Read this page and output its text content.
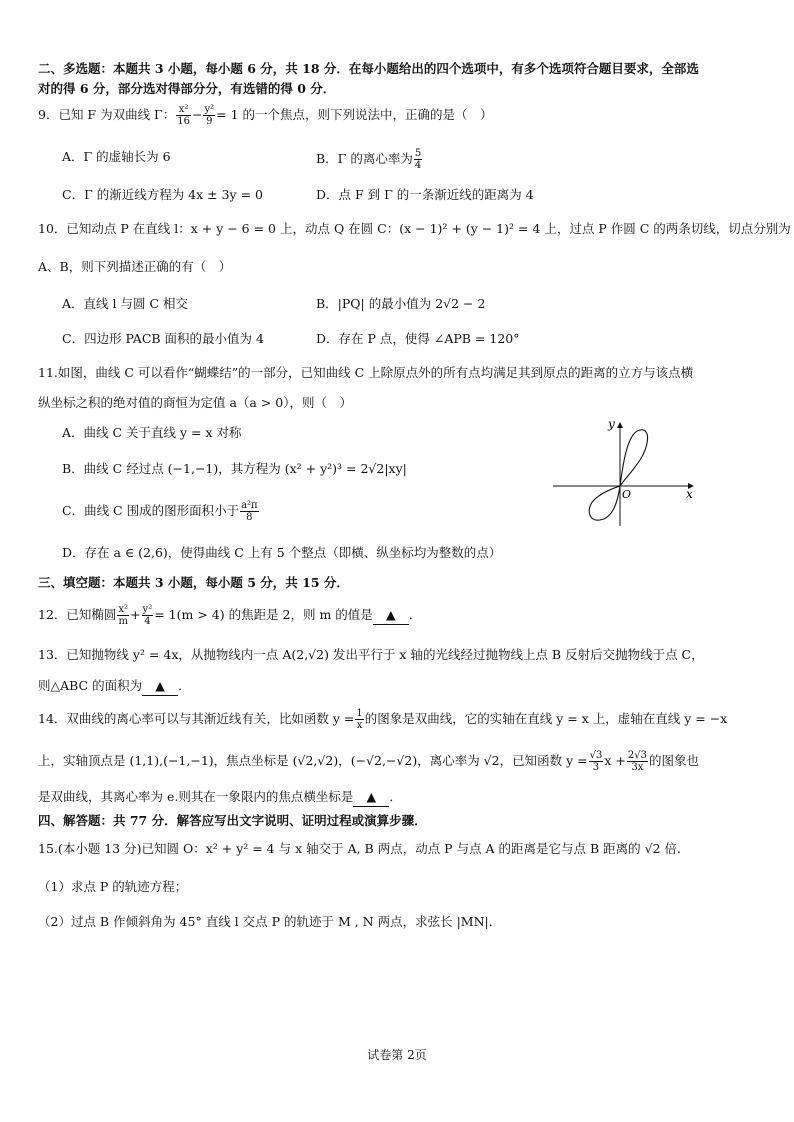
二、多选题：本题共 3 小题，每小题 6 分，共 18 分．在每小题给出的四个选项中，有多个选项符合题目要求，全部选
对的得 6 分，部分选对得部分分，有选错的得 0 分．
9．已知 F 为双曲线 Γ： $\frac{\text{x²}}{16} - \frac{\text{y²}}{9} = 1$ 的一个焦点，则下列说法中，正确的是（　）
A．Γ 的虚轴长为 6	B．Γ 的离心率为 $\frac{5}{4}$
C．Γ 的渐近线方程为 4x ± 3y = 0	D．点 F 到 Γ 的一条渐近线的距离为 4
10．已知动点 P 在直线 l：x + y − 6 = 0 上，动点 Q 在圆 C：(x − 1)² + (y − 1)² = 4 上，过点 P 作圆 C 的两条切线，切点分别为
A、B，则下列描述正确的有（　）
A．直线 l 与圆 C 相交	B．|PQ| 的最小值为 2√2 − 2
C．四边形 PACB 面积的最小值为 4	D．存在 P 点，使得 ∠APB = 120°
11.如图，曲线 C 可以看作“蝴蝶结”的一部分，已知曲线 C 上除原点外的所有点均满足其到原点的距离的立方与该点横
纵坐标之积的绝对值的商恒为定值 a（a > 0），则（　）
A．曲线 C 关于直线 y = x 对称
B．曲线 C 经过点 (−1,−1)，其方程为 (x² + y²)³ = 2√2|xy|
C．曲线 C 围成的图形面积小于 $\frac{\text{a²π}}{8}$
D．存在 a ∈ (2,6)，使得曲线 C 上有 5 个整点（即横、纵坐标均为整数的点）
y
x
O
三、填空题：本题共 3 小题，每小题 5 分，共 15 分．
12．已知椭圆 $\frac{\text{x²}}{m} + \frac{\text{y²}}{4} = 1(m > 4)$ 的焦距是 2，则 m 的值是 ▲ ．
13．已知抛物线 y² = 4x，从抛物线内一点 A(2,√2) 发出平行于 x 轴的光线经过抛物线上点 B 反射后交抛物线于点 C，
则△ABC 的面积为 ▲ ．
14．双曲线的离心率可以与其渐近线有关，比如函数 $y = \frac{1}{x}$ 的图象是双曲线，它的实轴在直线 y = x 上，虚轴在直线 y = −x
上，实轴顶点是 (1,1),(−1,−1)，焦点坐标是 (√2,√2)，(−√2,−√2)，离心率为 √2，已知函数 $y = \frac{√3}{3}$ $x + \frac{2√3}{3x}$ 的图象也
是双曲线，其离心率为 e.则其在一象限内的焦点横坐标是 ▲ ．
四、解答题：共 77 分．解答应写出文字说明、证明过程或演算步骤．
15.(本小题 13 分)已知圆 O：x² + y² = 4 与 x 轴交于 A, B 两点，动点 P 与点 A 的距离是它与点 B 距离的 √2 倍．
（1）求点 P 的轨迹方程；
（2）过点 B 作倾斜角为 45° 直线 l 交点 P 的轨迹于 M , N 两点，求弦长 |MN|．
试卷第 2页
